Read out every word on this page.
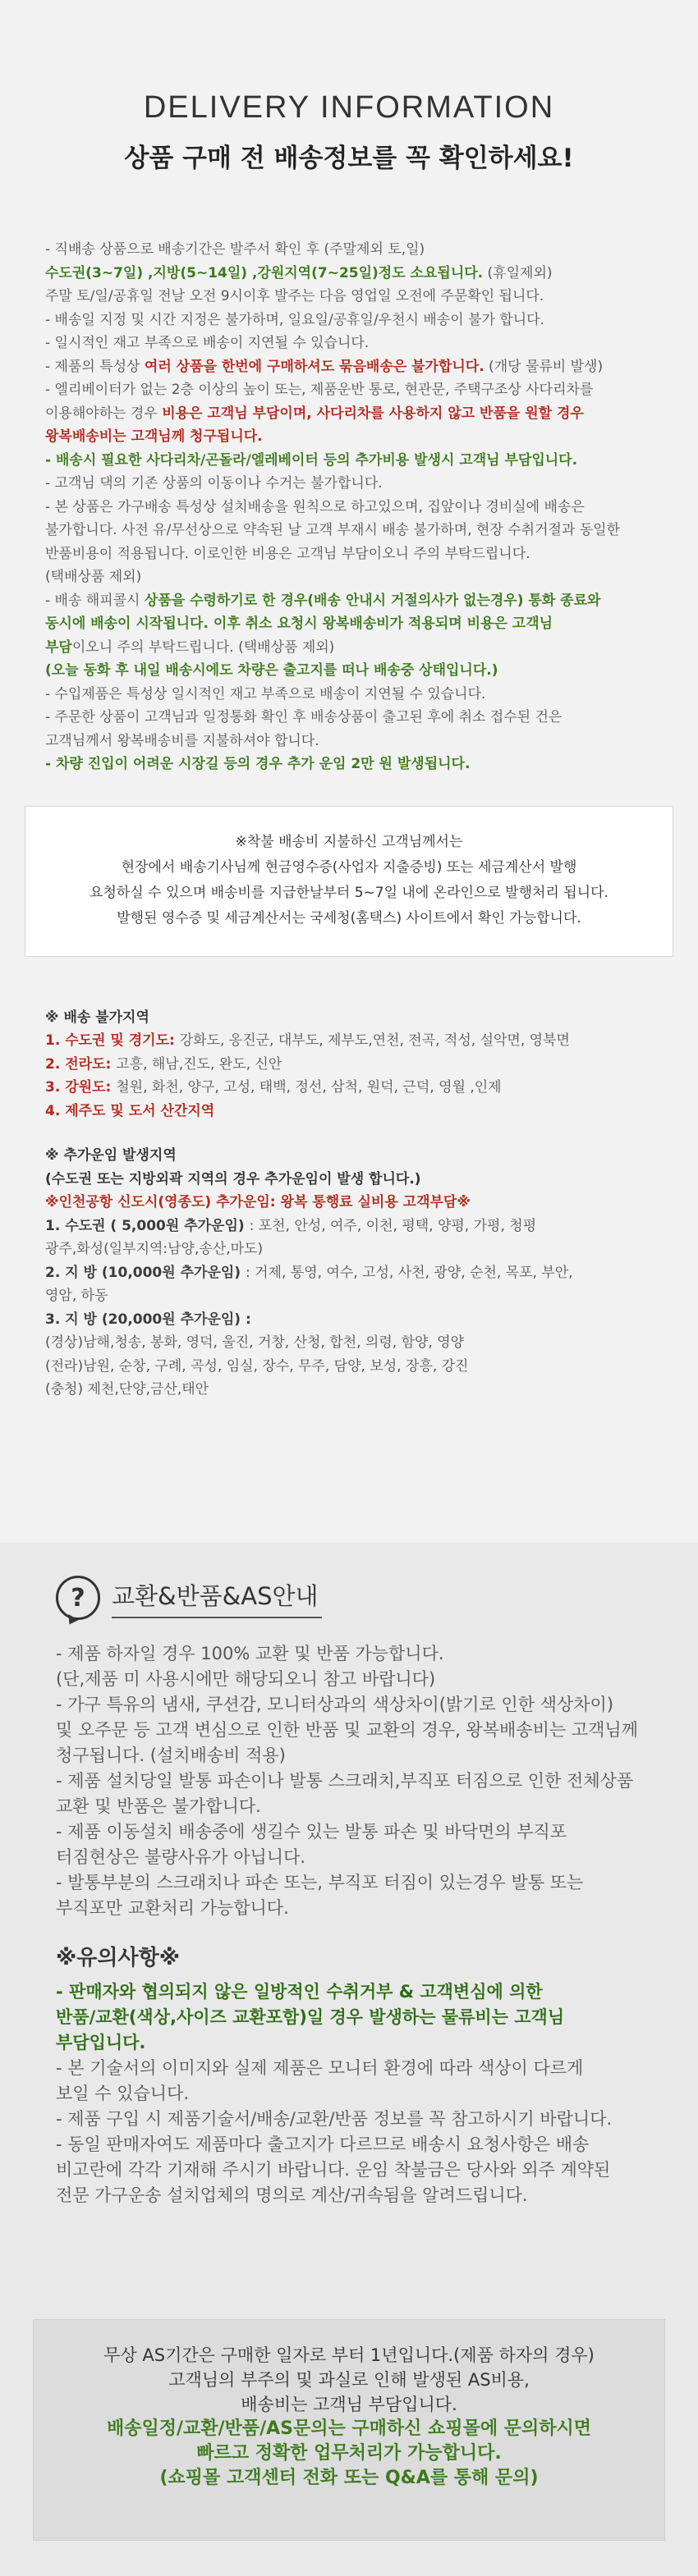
DELIVERY INFORMATION
상품 구매 전 배송정보를 꼭 확인하세요!
- 직배송 상품으로 배송기간은 발주서 확인 후 (주말제외 토,일)
수도권(3~7일) ,지방(5~14일) ,강원지역(7~25일)정도 소요됩니다. (휴일제외)
주말 토/일/공휴일 전날 오전 9시이후 발주는 다음 영업일 오전에 주문확인 됩니다.
- 배송일 지정 및 시간 지정은 불가하며, 일요일/공휴일/우천시 배송이 불가 합니다.
- 일시적인 재고 부족으로 배송이 지연될 수 있습니다.
- 제품의 특성상 여러 상품을 한번에 구매하셔도 묶음배송은 불가합니다. (개당 물류비 발생)
- 엘리베이터가 없는 2층 이상의 높이 또는, 제품운반 통로, 현관문, 주택구조상 사다리차를
이용해야하는 경우 비용은 고객님 부담이며, 사다리차를 사용하지 않고 반품을 원할 경우
왕복배송비는 고객님께 청구됩니다.
- 배송시 필요한 사다리차/곤돌라/엘레베이터 등의 추가비용 발생시 고객님 부담입니다.
- 고객님 댁의 기존 상품의 이동이나 수거는 불가합니다.
- 본 상품은 가구배송 특성상 설치배송을 원칙으로 하고있으며, 집앞이나 경비실에 배송은
불가합니다. 사전 유/무선상으로 약속된 날 고객 부재시 배송 불가하며, 현장 수취거절과 동일한
반품비용이 적용됩니다. 이로인한 비용은 고객님 부담이오니 주의 부탁드립니다.
(택배상품 제외)
- 배송 해피콜시 상품을 수령하기로 한 경우(배송 안내시 거절의사가 없는경우) 통화 종료와
동시에 배송이 시작됩니다. 이후 취소 요청시 왕복배송비가 적용되며 비용은 고객님
부담이오니 주의 부탁드립니다. (택배상품 제외)
(오늘 동화 후 내일 배송시에도 차량은 출고지를 떠나 배송중 상태입니다.)
- 수입제품은 특성상 일시적인 재고 부족으로 배송이 지연될 수 있습니다.
- 주문한 상품이 고객님과 일정통화 확인 후 배송상품이 출고된 후에 취소 접수된 건은
고객님께서 왕복배송비를 지불하셔야 합니다.
- 차량 진입이 어려운 시장길 등의 경우 추가 운임 2만 원 발생됩니다.
※착불 배송비 지불하신 고객님께서는
현장에서 배송기사님께 현금영수증(사업자 지출증빙) 또는 세금계산서 발행
요청하실 수 있으며 배송비를 지급한날부터 5~7일 내에 온라인으로 발행처리 됩니다.
발행된 영수증 및 세금계산서는 국세청(홈택스) 사이트에서 확인 가능합니다.
※ 배송 불가지역
1. 수도권 및 경기도: 강화도, 옹진군, 대부도, 제부도,연천, 전곡, 적성, 설악면, 영북면
2. 전라도: 고흥, 해남,진도, 완도, 신안
3. 강원도: 철원, 화천, 양구, 고성, 태백, 정선, 삼척, 원덕, 근덕, 영월 ,인제
4. 제주도 및 도서 산간지역
※ 추가운임 발생지역
(수도권 또는 지방외곽 지역의 경우 추가운임이 발생 합니다.)
※인천공항 신도시(영종도) 추가운임: 왕복 통행료 실비용 고객부담※
1. 수도권 ( 5,000원 추가운임) : 포천, 안성, 여주, 이천, 평택, 양평, 가평, 청평
광주,화성(일부지역:남양,송산,마도)
2. 지 방 (10,000원 추가운임) : 거제, 통영, 여수, 고성, 사천, 광양, 순천, 목포, 부안,
영암, 하동
3. 지 방 (20,000원 추가운임) :
(경상)남해,청송, 봉화, 영덕, 울진, 거창, 산청, 합천, 의령, 함양, 영양
(전라)남원, 순창, 구례, 곡성, 임실, 장수, 무주, 담양, 보성, 장흥, 강진
(충청) 제천,단양,금산,태안
?	교환&반품&AS안내
- 제품 하자일 경우 100% 교환 및 반품 가능합니다.
(단,제품 미 사용시에만 해당되오니 참고 바랍니다)
- 가구 특유의 냄새, 쿠션감, 모니터상과의 색상차이(밝기로 인한 색상차이)
및 오주문 등 고객 변심으로 인한 반품 및 교환의 경우, 왕복배송비는 고객님께
청구됩니다. (설치배송비 적용)
- 제품 설치당일 발통 파손이나 발통 스크래치,부직포 터짐으로 인한 전체상품
교환 및 반품은 불가합니다.
- 제품 이동설치 배송중에 생길수 있는 발통 파손 및 바닥면의 부직포
터짐현상은 불량사유가 아닙니다.
- 발통부분의 스크래치나 파손 또는, 부직포 터짐이 있는경우 발통 또는
부직포만 교환처리 가능합니다.
※유의사항※
- 판매자와 협의되지 않은 일방적인 수취거부 & 고객변심에 의한
반품/교환(색상,사이즈 교환포함)일 경우 발생하는 물류비는 고객님
부담입니다.
- 본 기술서의 이미지와 실제 제품은 모니터 환경에 따라 색상이 다르게
보일 수 있습니다.
- 제품 구입 시 제품기술서/배송/교환/반품 정보를 꼭 참고하시기 바랍니다.
- 동일 판매자여도 제품마다 출고지가 다르므로 배송시 요청사항은 배송
비고란에 각각 기재해 주시기 바랍니다. 운임 착불금은 당사와 외주 계약된
전문 가구운송 설치업체의 명의로 계산/귀속됨을 알려드립니다.
무상 AS기간은 구매한 일자로 부터 1년입니다.(제품 하자의 경우)
고객님의 부주의 및 과실로 인해 발생된 AS비용,
배송비는 고객님 부담입니다.
배송일정/교환/반품/AS문의는 구매하신 쇼핑몰에 문의하시면
빠르고 정확한 업무처리가 가능합니다.
(쇼핑몰 고객센터 전화 또는 Q&A를 통해 문의)
